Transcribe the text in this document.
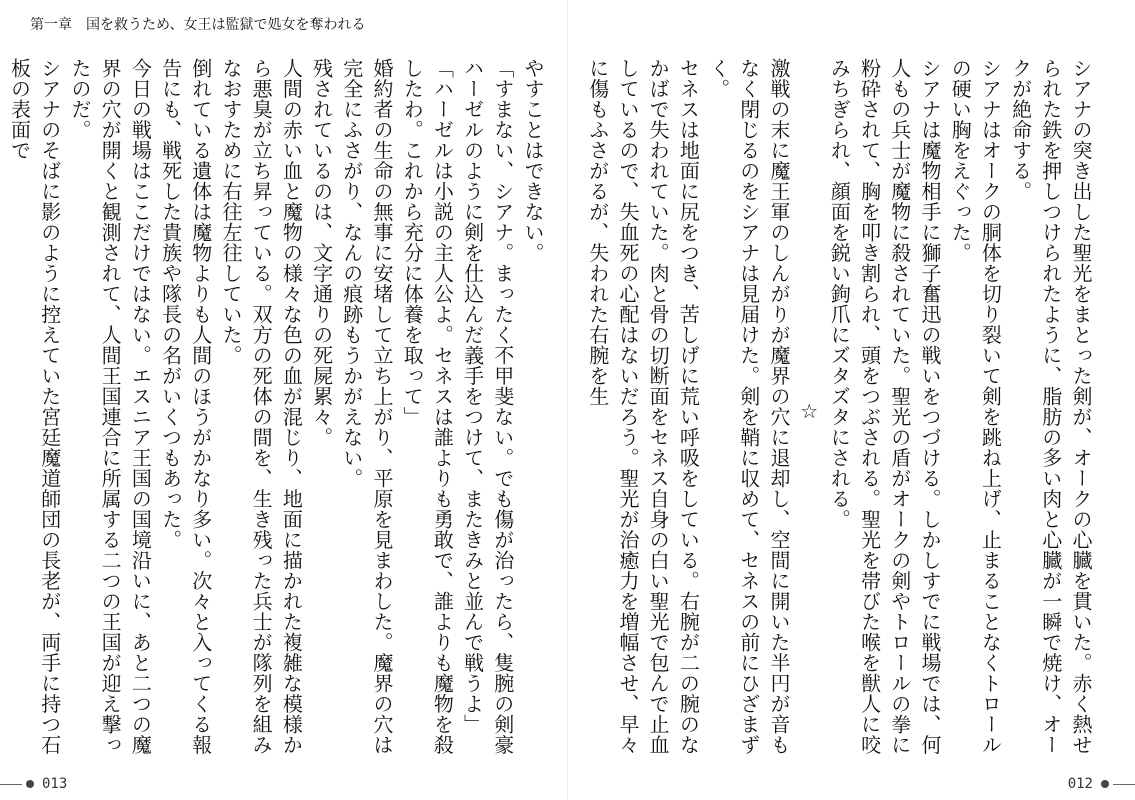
第一章　国を救うため、女王は監獄で処女を奪われる

やすことはできない。

「すまない、シアナ。まったく不甲斐ない。でも傷が治ったら、隻腕の剣豪ハーゼルのように剣を仕込んだ義手をつけて、またきみと並んで戦うよ」

「ハーゼルは小説の主人公よ。セネスは誰よりも勇敢で、誰よりも魔物を殺したわ。これから充分に体養を取って」

婚約者の生命の無事に安堵して立ち上がり、平原を見まわした。魔界の穴は完全にふさがり、なんの痕跡もうかがえない。

残されているのは、文字通りの死屍累々。

人間の赤い血と魔物の様々な色の血が混じり、地面に描かれた複雑な模様から悪臭が立ち昇っている。双方の死体の間を、生き残った兵士が隊列を組みなおすために右往左往していた。

倒れている遺体は魔物よりも人間のほうがかなり多い。次々と入ってくる報告にも、戦死した貴族や隊長の名がいくつもあった。

今日の戦場はここだけではない。エスニア王国の国境沿いに、あと二つの魔界の穴が開くと観測されて、人間王国連合に所属する二つの王国が迎え撃ったのだ。

シアナのそばに影のように控えていた宮廷魔道師団の長老が、両手に持つ石板の表面で	シアナの突き出した聖光をまとった剣が、オークの心臓を貫いた。赤く熱せられた鉄を押しつけられたように、脂肪の多い肉と心臓が一瞬で焼け、オークが絶命する。

シアナはオークの胴体を切り裂いて剣を跳ね上げ、止まることなくトロールの硬い胸をえぐった。

シアナは魔物相手に獅子奮迅の戦いをつづける。しかしすでに戦場では、何人もの兵士が魔物に殺されていた。聖光の盾がオークの剣やトロールの拳に粉砕されて、胸を叩き割られ、頭をつぶされる。聖光を帯びた喉を獣人に咬みちぎられ、顔面を鋭い鉤爪にズタズタにされる。

☆

激戦の末に魔王軍のしんがりが魔界の穴に退却し、空間に開いた半円が音もなく閉じるのをシアナは見届けた。剣を鞘に収めて、セネスの前にひざまずく。

セネスは地面に尻をつき、苦しげに荒い呼吸をしている。右腕が二の腕のなかばで失われていた。肉と骨の切断面をセネス自身の白い聖光で包んで止血しているので、失血死の心配はないだろう。聖光が治癒力を増幅させ、早々に傷もふさがるが、失われた右腕を生

013	012
